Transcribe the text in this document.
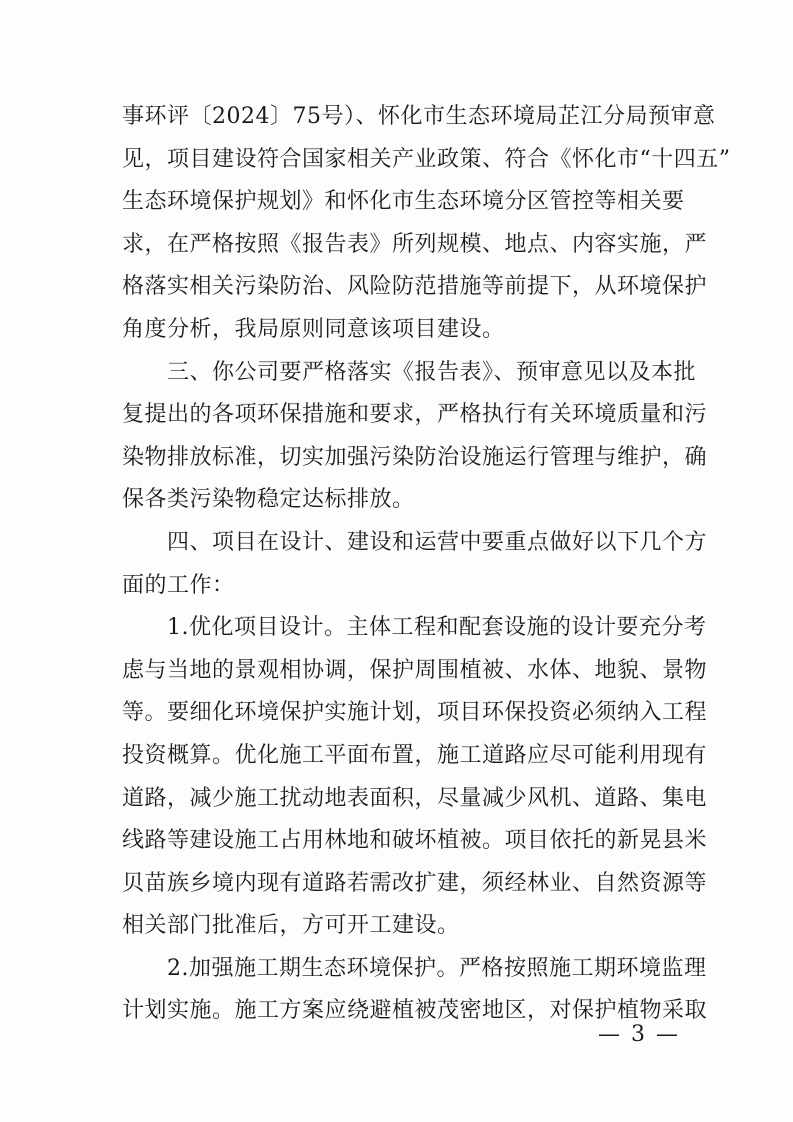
事环评〔2024〕75号）、怀化市生态环境局芷江分局预审意
见，项目建设符合国家相关产业政策、符合《怀化市“十四五”
生态环境保护规划》和怀化市生态环境分区管控等相关要
求，在严格按照《报告表》所列规模、地点、内容实施，严
格落实相关污染防治、风险防范措施等前提下，从环境保护
角度分析，我局原则同意该项目建设。
　　三、你公司要严格落实《报告表》、预审意见以及本批
复提出的各项环保措施和要求，严格执行有关环境质量和污
染物排放标准，切实加强污染防治设施运行管理与维护，确
保各类污染物稳定达标排放。
　　四、项目在设计、建设和运营中要重点做好以下几个方
面的工作：
　　1.优化项目设计。主体工程和配套设施的设计要充分考
虑与当地的景观相协调，保护周围植被、水体、地貌、景物
等。要细化环境保护实施计划，项目环保投资必须纳入工程
投资概算。优化施工平面布置，施工道路应尽可能利用现有
道路，减少施工扰动地表面积，尽量减少风机、道路、集电
线路等建设施工占用林地和破坏植被。项目依托的新晃县米
贝苗族乡境内现有道路若需改扩建，须经林业、自然资源等
相关部门批准后，方可开工建设。
　　2.加强施工期生态环境保护。严格按照施工期环境监理
计划实施。施工方案应绕避植被茂密地区，对保护植物采取
— 3 —
